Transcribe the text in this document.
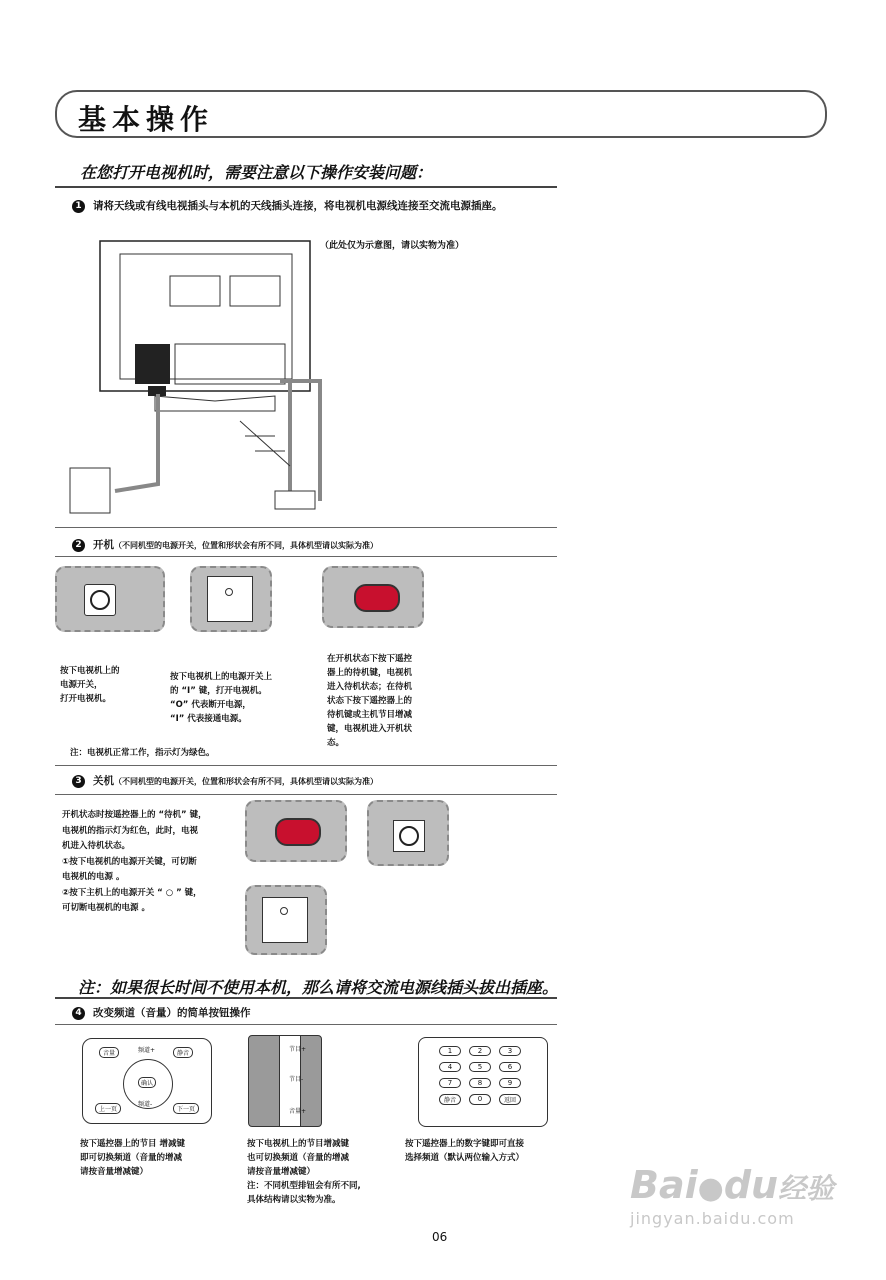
基本操作
在您打开电视机时，需要注意以下操作安装问题：
1 请将天线或有线电视插头与本机的天线插头连接，将电视机电源线连接至交流电源插座。
（此处仅为示意图，请以实物为准）
2 开机（不同机型的电源开关，位置和形状会有所不同，具体机型请以实际为准）
按下电视机上的
电源开关，
打开电视机。
按下电视机上的电源开关上
的 “I” 键，打开电视机。
“O” 代表断开电源，
“I” 代表接通电源。
在开机状态下按下遥控
器上的待机键，电视机
进入待机状态；在待机
状态下按下遥控器上的
待机键或主机节目增减
键，电视机进入开机状
态。
注：电视机正常工作，指示灯为绿色。
3 关机（不同机型的电源开关，位置和形状会有所不同，具体机型请以实际为准）
开机状态时按遥控器上的 “待机” 键，
电视机的指示灯为红色，此时，电视
机进入待机状态。
①按下电视机的电源开关键，可切断
电视机的电源 。
②按下主机上的电源开关 “ ○ ” 键，
可切断电视机的电源 。
注：如果很长时间不使用本机，那么请将交流电源线插头拔出插座。
4 改变频道（音量）的简单按钮操作
音量	频道+
确认
频道-
静音
上一页	下一页
节目+
节目-
音量+
1	2	3
4	5	6
7	8	9
静音	0	返回
按下遥控器上的节目 增减键
即可切换频道（音量的增减
请按音量增减键）
按下电视机上的节目增减键
也可切换频道（音量的增减
请按音量增减键）
注：不同机型排钮会有所不同,
具体结构请以实物为准。
按下遥控器上的数字键即可直接
选择频道（默认两位输入方式）
06
Bai●du经验
jingyan.baidu.com
